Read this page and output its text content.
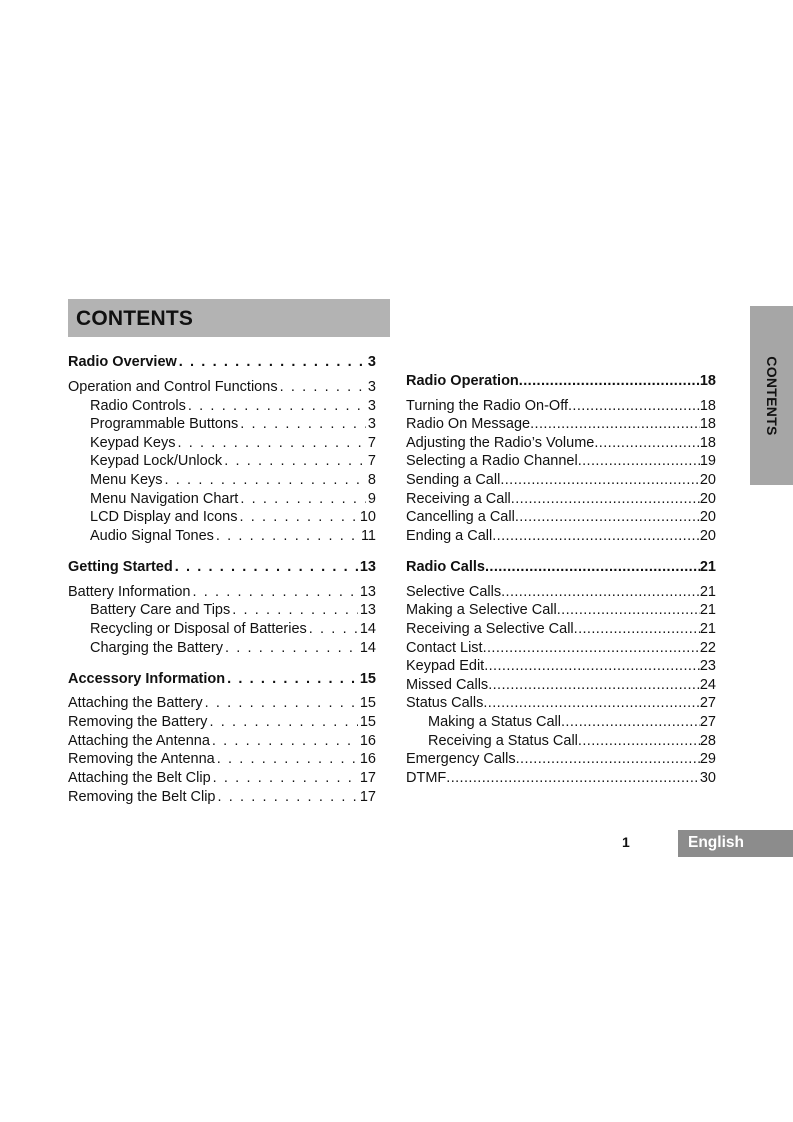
CONTENTS
CONTENTS
Radio Overview . . .	3
Operation and Control Functions . . .	3
Radio Controls . . .	3
Programmable Buttons . . .	3
Keypad Keys . . .	7
Keypad Lock/Unlock . . .	7
Menu Keys . . .	8
Menu Navigation Chart . . .	9
LCD Display and Icons . . .	10
Audio Signal Tones . . .	11
Getting Started . . .	13
Battery Information . . .	13
Battery Care and Tips . . .	13
Recycling or Disposal of Batteries . . .	14
Charging the Battery . . .	14
Accessory Information . . .	15
Attaching the Battery . . .	15
Removing the Battery . . .	15
Attaching the Antenna . . .	16
Removing the Antenna . . .	16
Attaching the Belt Clip . . .	17
Removing the Belt Clip . . .	17
Radio Operation .....	18
Turning the Radio On-Off .....	18
Radio On Message .....	18
Adjusting the Radio’s Volume .....	18
Selecting a Radio Channel .....	19
Sending a Call .....	20
Receiving a Call .....	20
Cancelling a Call .....	20
Ending a Call .....	20
Radio Calls .....	21
Selective Calls .....	21
Making a Selective Call .....	21
Receiving a Selective Call .....	21
Contact List .....	22
Keypad Edit .....	23
Missed Calls .....	24
Status Calls .....	27
Making a Status Call .....	27
Receiving a Status Call .....	28
Emergency Calls .....	29
DTMF .....	30
1	English
